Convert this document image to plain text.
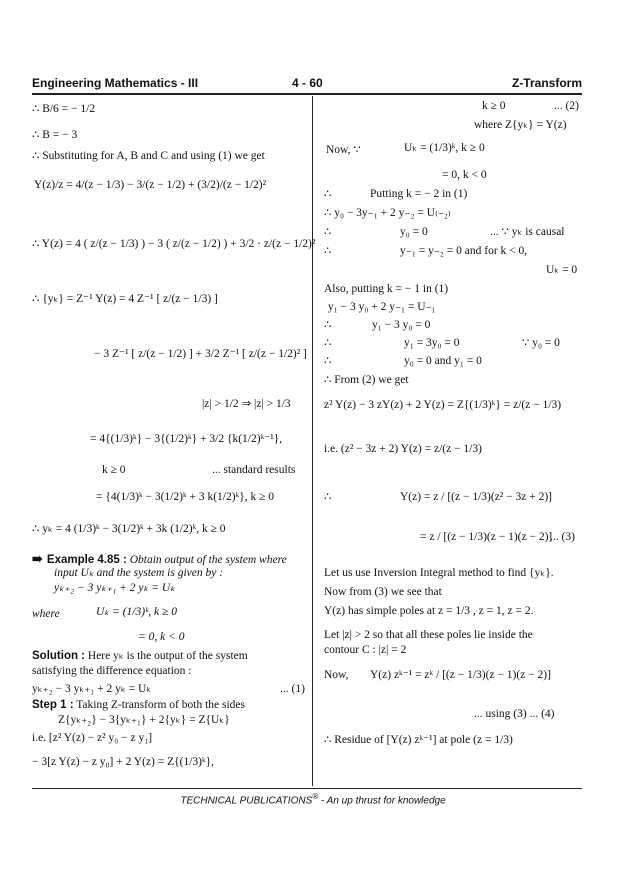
Engineering Mathematics - III	4 - 60	Z-Transform

∴ B/6 = − 1/2

∴ B = − 3

∴ Substituting for A, B and C and using (1) we get

Y(z)/z = 4/(z − 1/3) − 3/(z − 1/2) + (3/2)/(z − 1/2)²

∴ Y(z) = 4 ( z/(z − 1/3) ) − 3 ( z/(z − 1/2) ) + 3/2 · z/(z − 1/2)²

∴ {yₖ} = Z⁻¹ Y(z) = 4 Z⁻¹ [ z/(z − 1/3) ]

− 3 Z⁻¹ [ z/(z − 1/2) ] + 3/2 Z⁻¹ [ z/(z − 1/2)² ]

|z| > 1/2 ⇒ |z| > 1/3

= 4{(1/3)ᵏ} − 3{(1/2)ᵏ} + 3/2 {k(1/2)ᵏ⁻¹},

k ≥ 0	... standard results

= {4(1/3)ᵏ − 3(1/2)ᵏ + 3 k(1/2)ᵏ}, k ≥ 0

∴ yₖ = 4 (1/3)ᵏ − 3(1/2)ᵏ + 3k (1/2)ᵏ, k ≥ 0

➠ Example 4.85 : Obtain output of the system where

input Uₖ and the system is given by :

yₖ₊₂ − 3 yₖ₊₁ + 2 yₖ = Uₖ

where	Uₖ = (1/3)ᵏ, k ≥ 0

= 0, k < 0

Solution : Here yₖ is the output of the system

satisfying the difference equation :

yₖ₊₂ − 3 yₖ₊₁ + 2 yₖ = Uₖ	... (1)

Step 1 : Taking Z-transform of both the sides

Z{yₖ₊₂} − 3{yₖ₊₁} + 2{yₖ} = Z{Uₖ}

i.e. [z² Y(z) − z² y₀ − z y₁]

− 3[z Y(z) − z y₀] + 2 Y(z) = Z{(1/3)ᵏ},

k ≥ 0	... (2)

where Z{yₖ} = Y(z)

Now, ∵	Uₖ = (1/3)ᵏ, k ≥ 0

= 0, k < 0

∴	Putting k = − 2 in (1)

∴ y₀ − 3y₋₁ + 2 y₋₂ = U₍₋₂₎

∴	y₀ = 0	... ∵ yₖ is causal

∴	y₋₁ = y₋₂ = 0 and for k < 0,

Uₖ = 0

Also, putting k = − 1 in (1)

y₁ − 3 y₀ + 2 y₋₁ = U₋₁

∴	y₁ − 3 y₀ = 0

∴	y₁ = 3y₀ = 0	∵ y₀ = 0

∴	y₀ = 0 and y₁ = 0

∴ From (2) we get

z² Y(z) − 3 zY(z) + 2 Y(z) = Z{(1/3)ᵏ} = z/(z − 1/3)

i.e. (z² − 3z + 2) Y(z) = z/(z − 1/3)

∴	Y(z) = z / [(z − 1/3)(z² − 3z + 2)]

= z / [(z − 1/3)(z − 1)(z − 2)]

... (3)

Let us use Inversion Integral method to find {yₖ}.

Now from (3) we see that

Y(z) has simple poles at z = 1/3 , z = 1, z = 2.

Let |z| > 2 so that all these poles lie inside the

contour C : |z| = 2

Now, Y(z) zᵏ⁻¹ = zᵏ / [(z − 1/3)(z − 1)(z − 2)]

... using (3) ... (4)

∴ Residue of [Y(z) zᵏ⁻¹] at pole (z = 1/3)

TECHNICAL PUBLICATIONS® - An up thrust for knowledge
